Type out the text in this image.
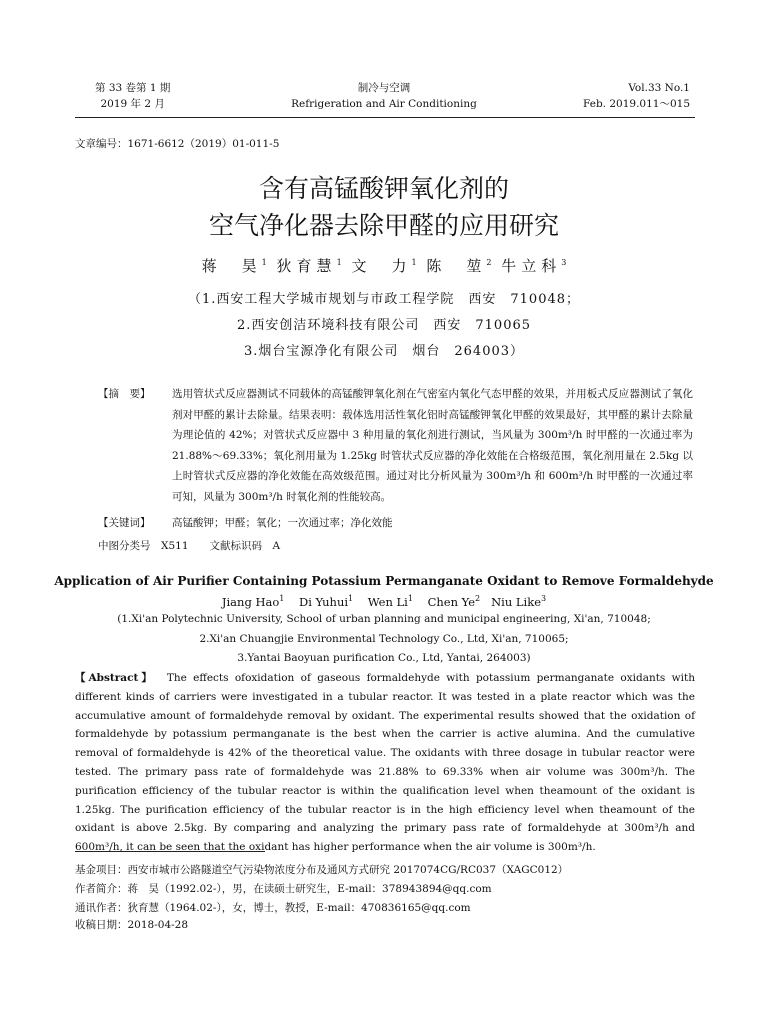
第 33 卷第 1 期
2019 年 2 月
制冷与空调
Refrigeration and Air Conditioning
Vol.33 No.1
Feb. 2019.011～015
文章编号：1671-6612（2019）01-011-5
含有高锰酸钾氧化剂的
空气净化器去除甲醛的应用研究
蒋　昊$^1$ 狄育慧$^1$ 文　力$^1$ 陈　堃$^2$ 牛立科$^3$
（1.西安工程大学城市规划与市政工程学院　西安　710048；
2.西安创洁环境科技有限公司　西安　710065
3.烟台宝源净化有限公司　烟台　264003）
【摘　要】	选用管状式反应器测试不同载体的高锰酸钾氧化剂在气密室内氧化气态甲醛的效果，并用板式反应器测试了氧化剂对甲醛的累计去除量。结果表明：载体选用活性氧化铝时高锰酸钾氧化甲醛的效果最好，其甲醛的累计去除量为理论值的 42%；对管状式反应器中 3 种用量的氧化剂进行测试，当风量为 300m³/h 时甲醛的一次通过率为 21.88%～69.33%；氧化剂用量为 1.25kg 时管状式反应器的净化效能在合格级范围，氧化剂用量在 2.5kg 以上时管状式反应器的净化效能在高效级范围。通过对比分析风量为 300m³/h 和 600m³/h 时甲醛的一次通过率可知，风量为 300m³/h 时氧化剂的性能较高。
【关键词】 高锰酸钾；甲醛；氧化；一次通过率；净化效能
中图分类号　X511　　文献标识码　A
Application of Air Purifier Containing Potassium Permanganate Oxidant to Remove Formaldehyde
Jiang Hao$^1$ Di Yuhui$^1$ Wen Li$^1$ Chen Ye$^2$ Niu Like$^3$
(1.Xi'an Polytechnic University, School of urban planning and municipal engineering, Xi'an, 710048;
2.Xi'an Chuangjie Environmental Technology Co., Ltd, Xi'an, 710065;
3.Yantai Baoyuan purification Co., Ltd, Yantai, 264003)
【Abstract】 The effects ofoxidation of gaseous formaldehyde with potassium permanganate oxidants with different kinds of carriers were investigated in a tubular reactor. It was tested in a plate reactor which was the accumulative amount of formaldehyde removal by oxidant. The experimental results showed that the oxidation of formaldehyde by potassium permanganate is the best when the carrier is active alumina. And the cumulative removal of formaldehyde is 42% of the theoretical value. The oxidants with three dosage in tubular reactor were tested. The primary pass rate of formaldehyde was 21.88% to 69.33% when air volume was 300m³/h. The purification efficiency of the tubular reactor is within the qualification level when theamount of the oxidant is 1.25kg. The purification efficiency of the tubular reactor is in the high efficiency level when theamount of the oxidant is above 2.5kg. By comparing and analyzing the primary pass rate of formaldehyde at 300m³/h and 600m³/h, it can be seen that the oxidant has higher performance when the air volume is 300m³/h.
基金项目：西安市城市公路隧道空气污染物浓度分布及通风方式研究 2017074CG/RC037（XAGC012）
作者简介：蒋　昊（1992.02-），男，在读硕士研究生，E-mail：378943894@qq.com
通讯作者：狄育慧（1964.02-），女，博士，教授，E-mail：470836165@qq.com
收稿日期：2018-04-28
